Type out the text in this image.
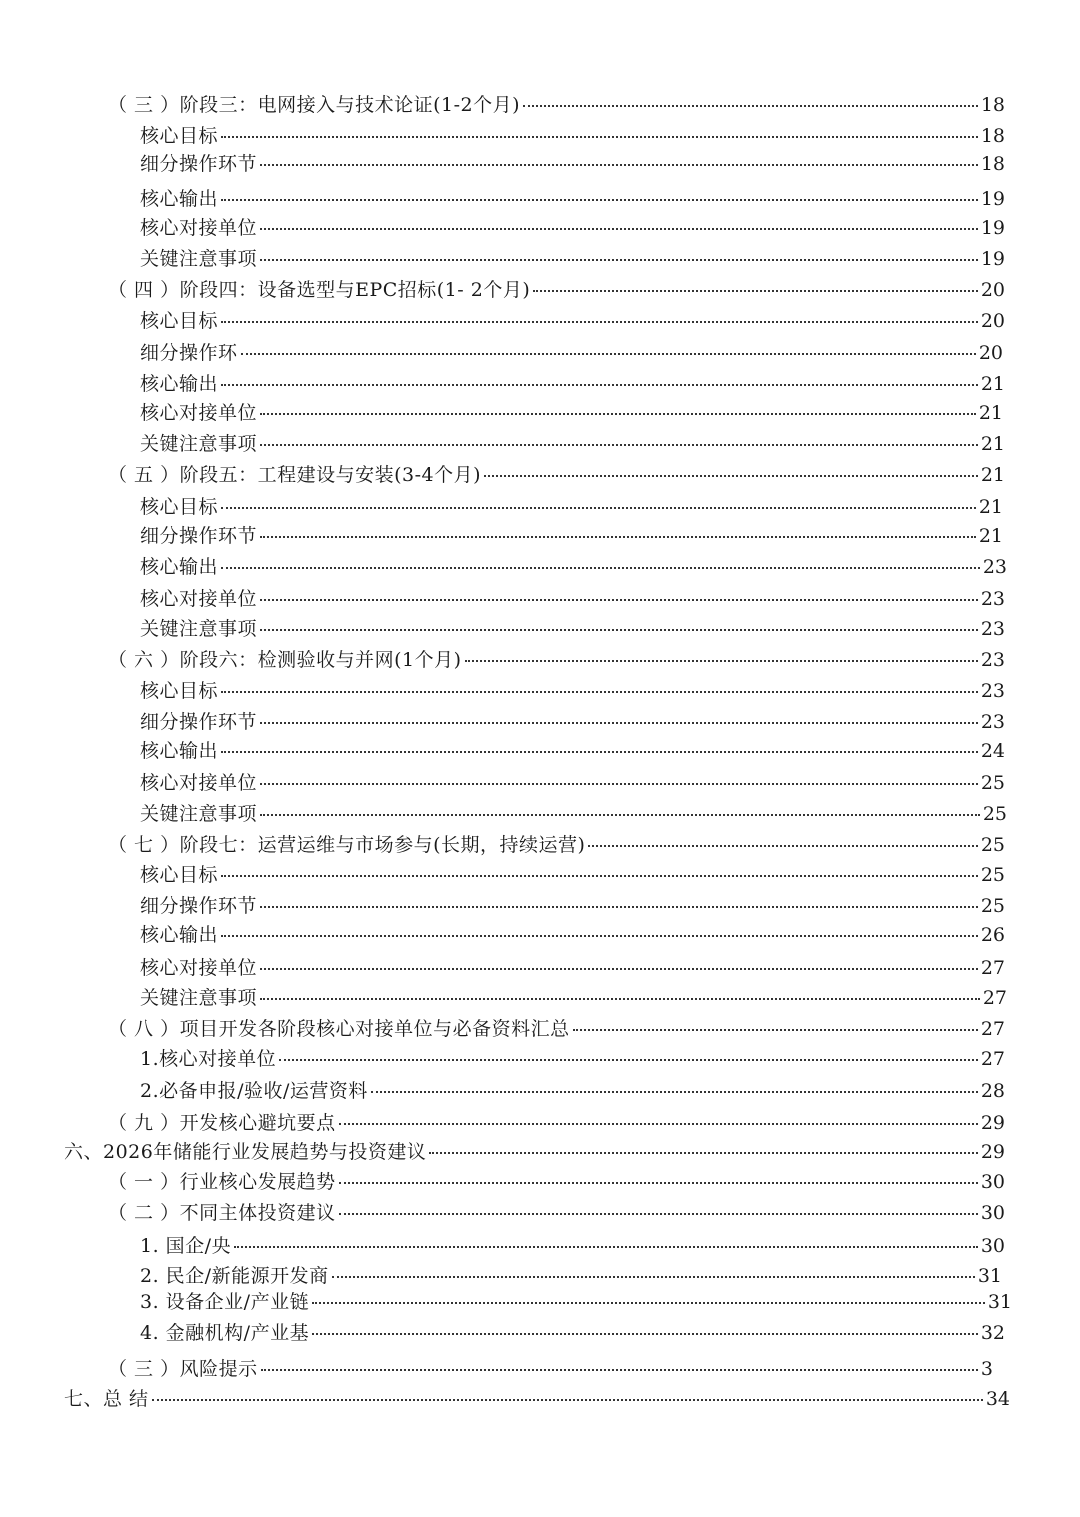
（ 三 ）阶段三：电网接入与技术论证(1-2个月)	18
核心目标	18
细分操作环节	18
核心输出	19
核心对接单位	19
关键注意事项	19
（ 四 ）阶段四：设备选型与EPC招标(1- 2个月)	20
核心目标	20
细分操作环	20
核心输出	21
核心对接单位	21
关键注意事项	21
（ 五 ）阶段五：工程建设与安装(3-4个月)	21
核心目标	21
细分操作环节	21
核心输出	23
核心对接单位	23
关键注意事项	23
（ 六 ）阶段六：检测验收与并网(1个月)	23
核心目标	23
细分操作环节	23
核心输出	24
核心对接单位	25
关键注意事项	25
（ 七 ）阶段七：运营运维与市场参与(长期，持续运营)	25
核心目标	25
细分操作环节	25
核心输出	26
核心对接单位	27
关键注意事项	27
（ 八 ）项目开发各阶段核心对接单位与必备资料汇总	27
1.核心对接单位	27
2.必备申报/验收/运营资料	28
（ 九 ）开发核心避坑要点	29
六、2026年储能行业发展趋势与投资建议	29
（ 一 ）行业核心发展趋势	30
（ 二 ）不同主体投资建议	30
1. 国企/央	30
2. 民企/新能源开发商	31
3. 设备企业/产业链	31
4. 金融机构/产业基	32
（ 三 ）风险提示	3
七、总 结	34
